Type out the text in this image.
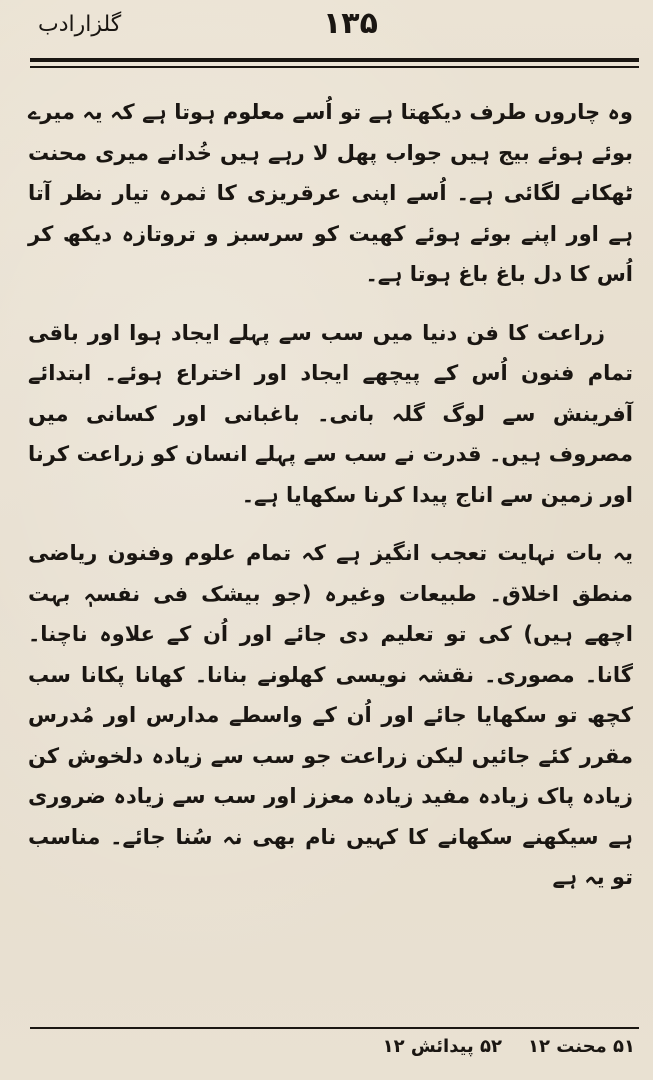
گلزارادب	۱۳۵

وہ چاروں طرف دیکھتا ہے تو اُسے معلوم ہوتا ہے کہ یہ میرے بوئے ہوئے بیج ہیں جواب پھل لا رہے ہیں خُدانے میری محنت ٹھکانے لگائی ہے۔ اُسے اپنی عرقریزی کا ثمرہ تیار نظر آتا ہے اور اپنے بوئے ہوئے کھیت کو سرسبز و تروتازہ دیکھ کر اُس کا دل باغ باغ ہوتا ہے۔

زراعت کا فن دنیا میں سب سے پہلے ایجاد ہوا اور باقی تمام فنون اُس کے پیچھے ایجاد اور اختراع ہوئے۔ ابتدائے آفرینش سے لوگ گلہ بانی۔ باغبانی اور کسانی میں مصروف ہیں۔ قدرت نے سب سے پہلے انسان کو زراعت کرنا اور زمین سے اناج پیدا کرنا سکھایا ہے۔

یہ بات نہایت تعجب انگیز ہے کہ تمام علوم وفنون ریاضی منطق اخلاق۔ طبیعات وغیرہ (جو بیشک فی نفسہٖ بہت اچھے ہیں) کی تو تعلیم دی جائے اور اُن کے علاوہ ناچنا۔ گانا۔ مصوری۔ نقشہ نویسی کھلونے بنانا۔ کھانا پکانا سب کچھ تو سکھایا جائے اور اُن کے واسطے مدارس اور مُدرس مقرر کئے جائیں لیکن زراعت جو سب سے زیادہ دلخوش کن زیادہ پاک زیادہ مفید زیادہ معزز اور سب سے زیادہ ضروری ہے سیکھنے سکھانے کا کہیں نام بھی نہ سُنا جائے۔ مناسب تو یہ ہے

۵۱ محنت ۱۲
۵۲ پیدائش ۱۲
